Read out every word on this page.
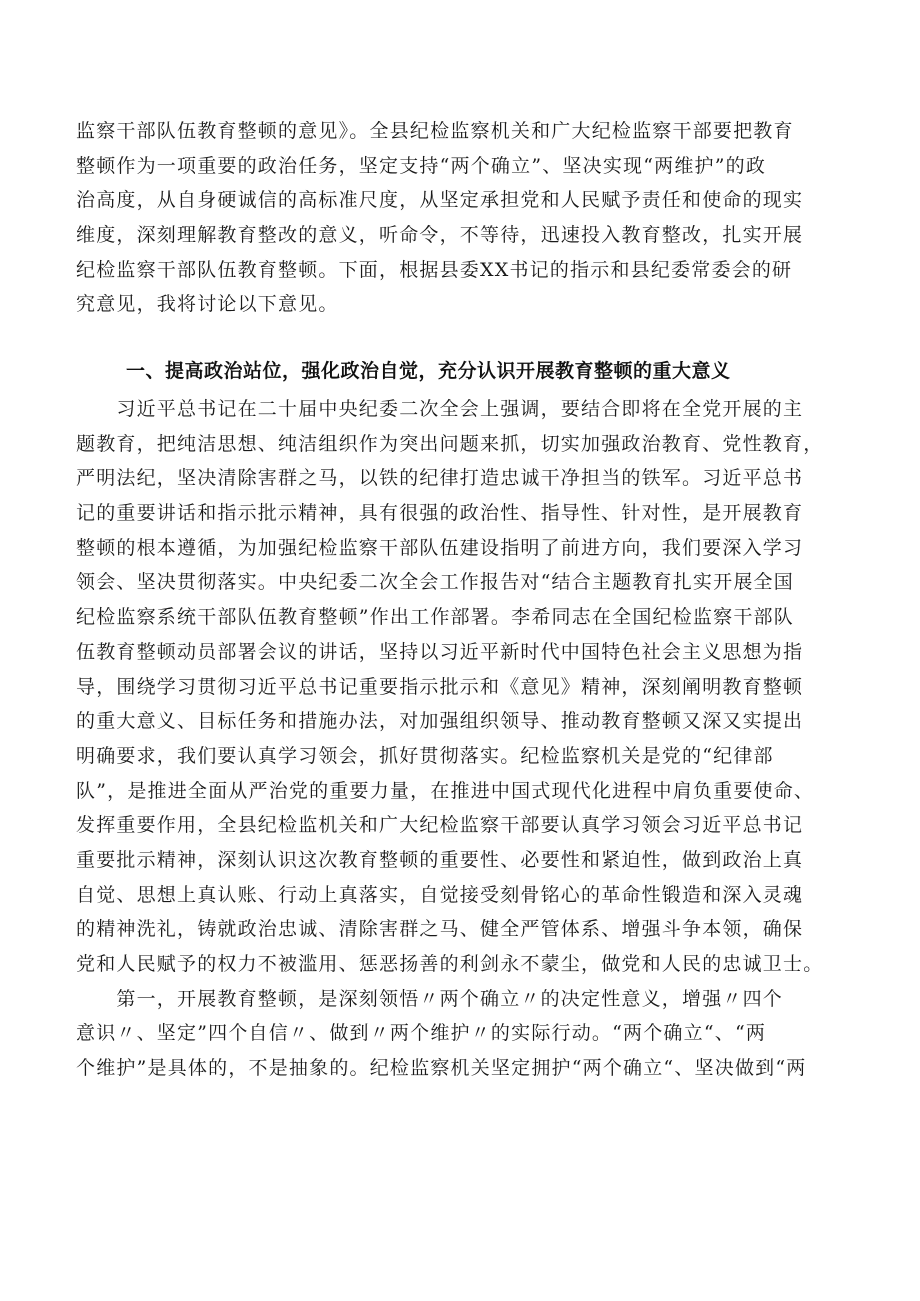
监察干部队伍教育整顿的意见》。全县纪检监察机关和广大纪检监察干部要把教育
整顿作为一项重要的政治任务，坚定支持“两个确立”、坚决实现“两维护”的政
治高度，从自身硬诚信的高标准尺度，从坚定承担党和人民赋予责任和使命的现实
维度，深刻理解教育整改的意义，听命令，不等待，迅速投入教育整改，扎实开展
纪检监察干部队伍教育整顿。下面，根据县委XX书记的指示和县纪委常委会的研
究意见，我将讨论以下意见。
一、提高政治站位，强化政治自觉，充分认识开展教育整顿的重大意义
　　习近平总书记在二十届中央纪委二次全会上强调，要结合即将在全党开展的主
题教育，把纯洁思想、纯洁组织作为突出问题来抓，切实加强政治教育、党性教育，
严明法纪，坚决清除害群之马，以铁的纪律打造忠诚干净担当的铁军。习近平总书
记的重要讲话和指示批示精神，具有很强的政治性、指导性、针对性，是开展教育
整顿的根本遵循，为加强纪检监察干部队伍建设指明了前进方向，我们要深入学习
领会、坚决贯彻落实。中央纪委二次全会工作报告对“结合主题教育扎实开展全国
纪检监察系统干部队伍教育整顿”作出工作部署。李希同志在全国纪检监察干部队
伍教育整顿动员部署会议的讲话，坚持以习近平新时代中国特色社会主义思想为指
导，围绕学习贯彻习近平总书记重要指示批示和《意见》精神，深刻阐明教育整顿
的重大意义、目标任务和措施办法，对加强组织领导、推动教育整顿又深又实提出
明确要求，我们要认真学习领会，抓好贯彻落实。纪检监察机关是党的“纪律部
队”，是推进全面从严治党的重要力量，在推进中国式现代化进程中肩负重要使命、
发挥重要作用，全县纪检监机关和广大纪检监察干部要认真学习领会习近平总书记
重要批示精神，深刻认识这次教育整顿的重要性、必要性和紧迫性，做到政治上真
自觉、思想上真认账、行动上真落实，自觉接受刻骨铭心的革命性锻造和深入灵魂
的精神洗礼，铸就政治忠诚、清除害群之马、健全严管体系、增强斗争本领，确保
党和人民赋予的权力不被滥用、惩恶扬善的利剑永不蒙尘，做党和人民的忠诚卫士。
　　第一，开展教育整顿，是深刻领悟〃两个确立〃的决定性意义，增强〃四个
意识〃、坚定”四个自信〃、做到〃两个维护〃的实际行动。“两个确立“、“两
个维护”是具体的，不是抽象的。纪检监察机关坚定拥护“两个确立“、坚决做到“两
